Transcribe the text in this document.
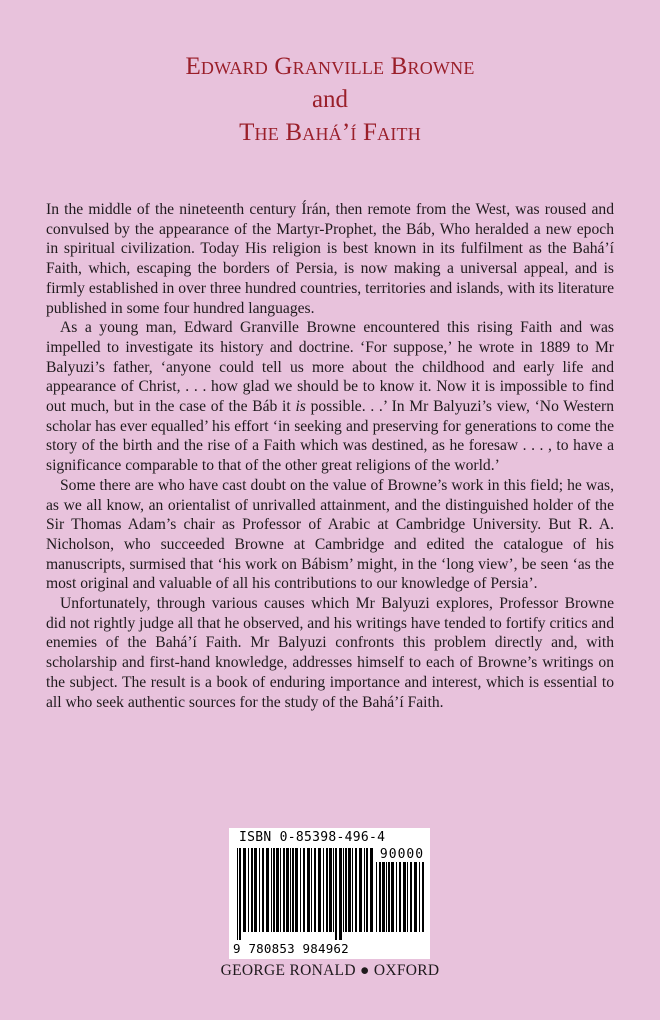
Edward Granville Browne
and
The Bahá’í Faith

In the middle of the nineteenth century Írán, then remote from the West, was roused and convulsed by the appearance of the Martyr-Prophet, the Báb, Who heralded a new epoch in spiritual civilization. Today His religion is best known in its fulfilment as the Bahá’í Faith, which, escaping the borders of Persia, is now making a universal appeal, and is firmly established in over three hundred countries, territories and islands, with its literature published in some four hundred languages.

As a young man, Edward Granville Browne encountered this rising Faith and was impelled to investigate its history and doctrine. ‘For suppose,’ he wrote in 1889 to Mr Balyuzi’s father, ‘anyone could tell us more about the childhood and early life and appearance of Christ, . . . how glad we should be to know it. Now it is impossible to find out much, but in the case of the Báb it is possible. . .’ In Mr Balyuzi’s view, ‘No Western scholar has ever equalled’ his effort ‘in seeking and preserving for generations to come the story of the birth and the rise of a Faith which was destined, as he foresaw . . . , to have a significance comparable to that of the other great religions of the world.’

Some there are who have cast doubt on the value of Browne’s work in this field; he was, as we all know, an orientalist of unrivalled attainment, and the distinguished holder of the Sir Thomas Adam’s chair as Professor of Arabic at Cambridge University. But R. A. Nicholson, who succeeded Browne at Cambridge and edited the catalogue of his manuscripts, surmised that ‘his work on Bábism’ might, in the ‘long view’, be seen ‘as the most original and valuable of all his contributions to our knowledge of Persia’.

Unfortunately, through various causes which Mr Balyuzi explores, Professor Browne did not rightly judge all that he observed, and his writings have tended to fortify critics and enemies of the Bahá’í Faith. Mr Balyuzi confronts this problem directly and, with scholarship and first-hand knowledge, addresses himself to each of Browne’s writings on the subject. The result is a book of enduring importance and interest, which is essential to all who seek authentic sources for the study of the Bahá’í Faith.

ISBN 0-85398-496-4
90000
9 780853 984962
GEORGE RONALD ● OXFORD
